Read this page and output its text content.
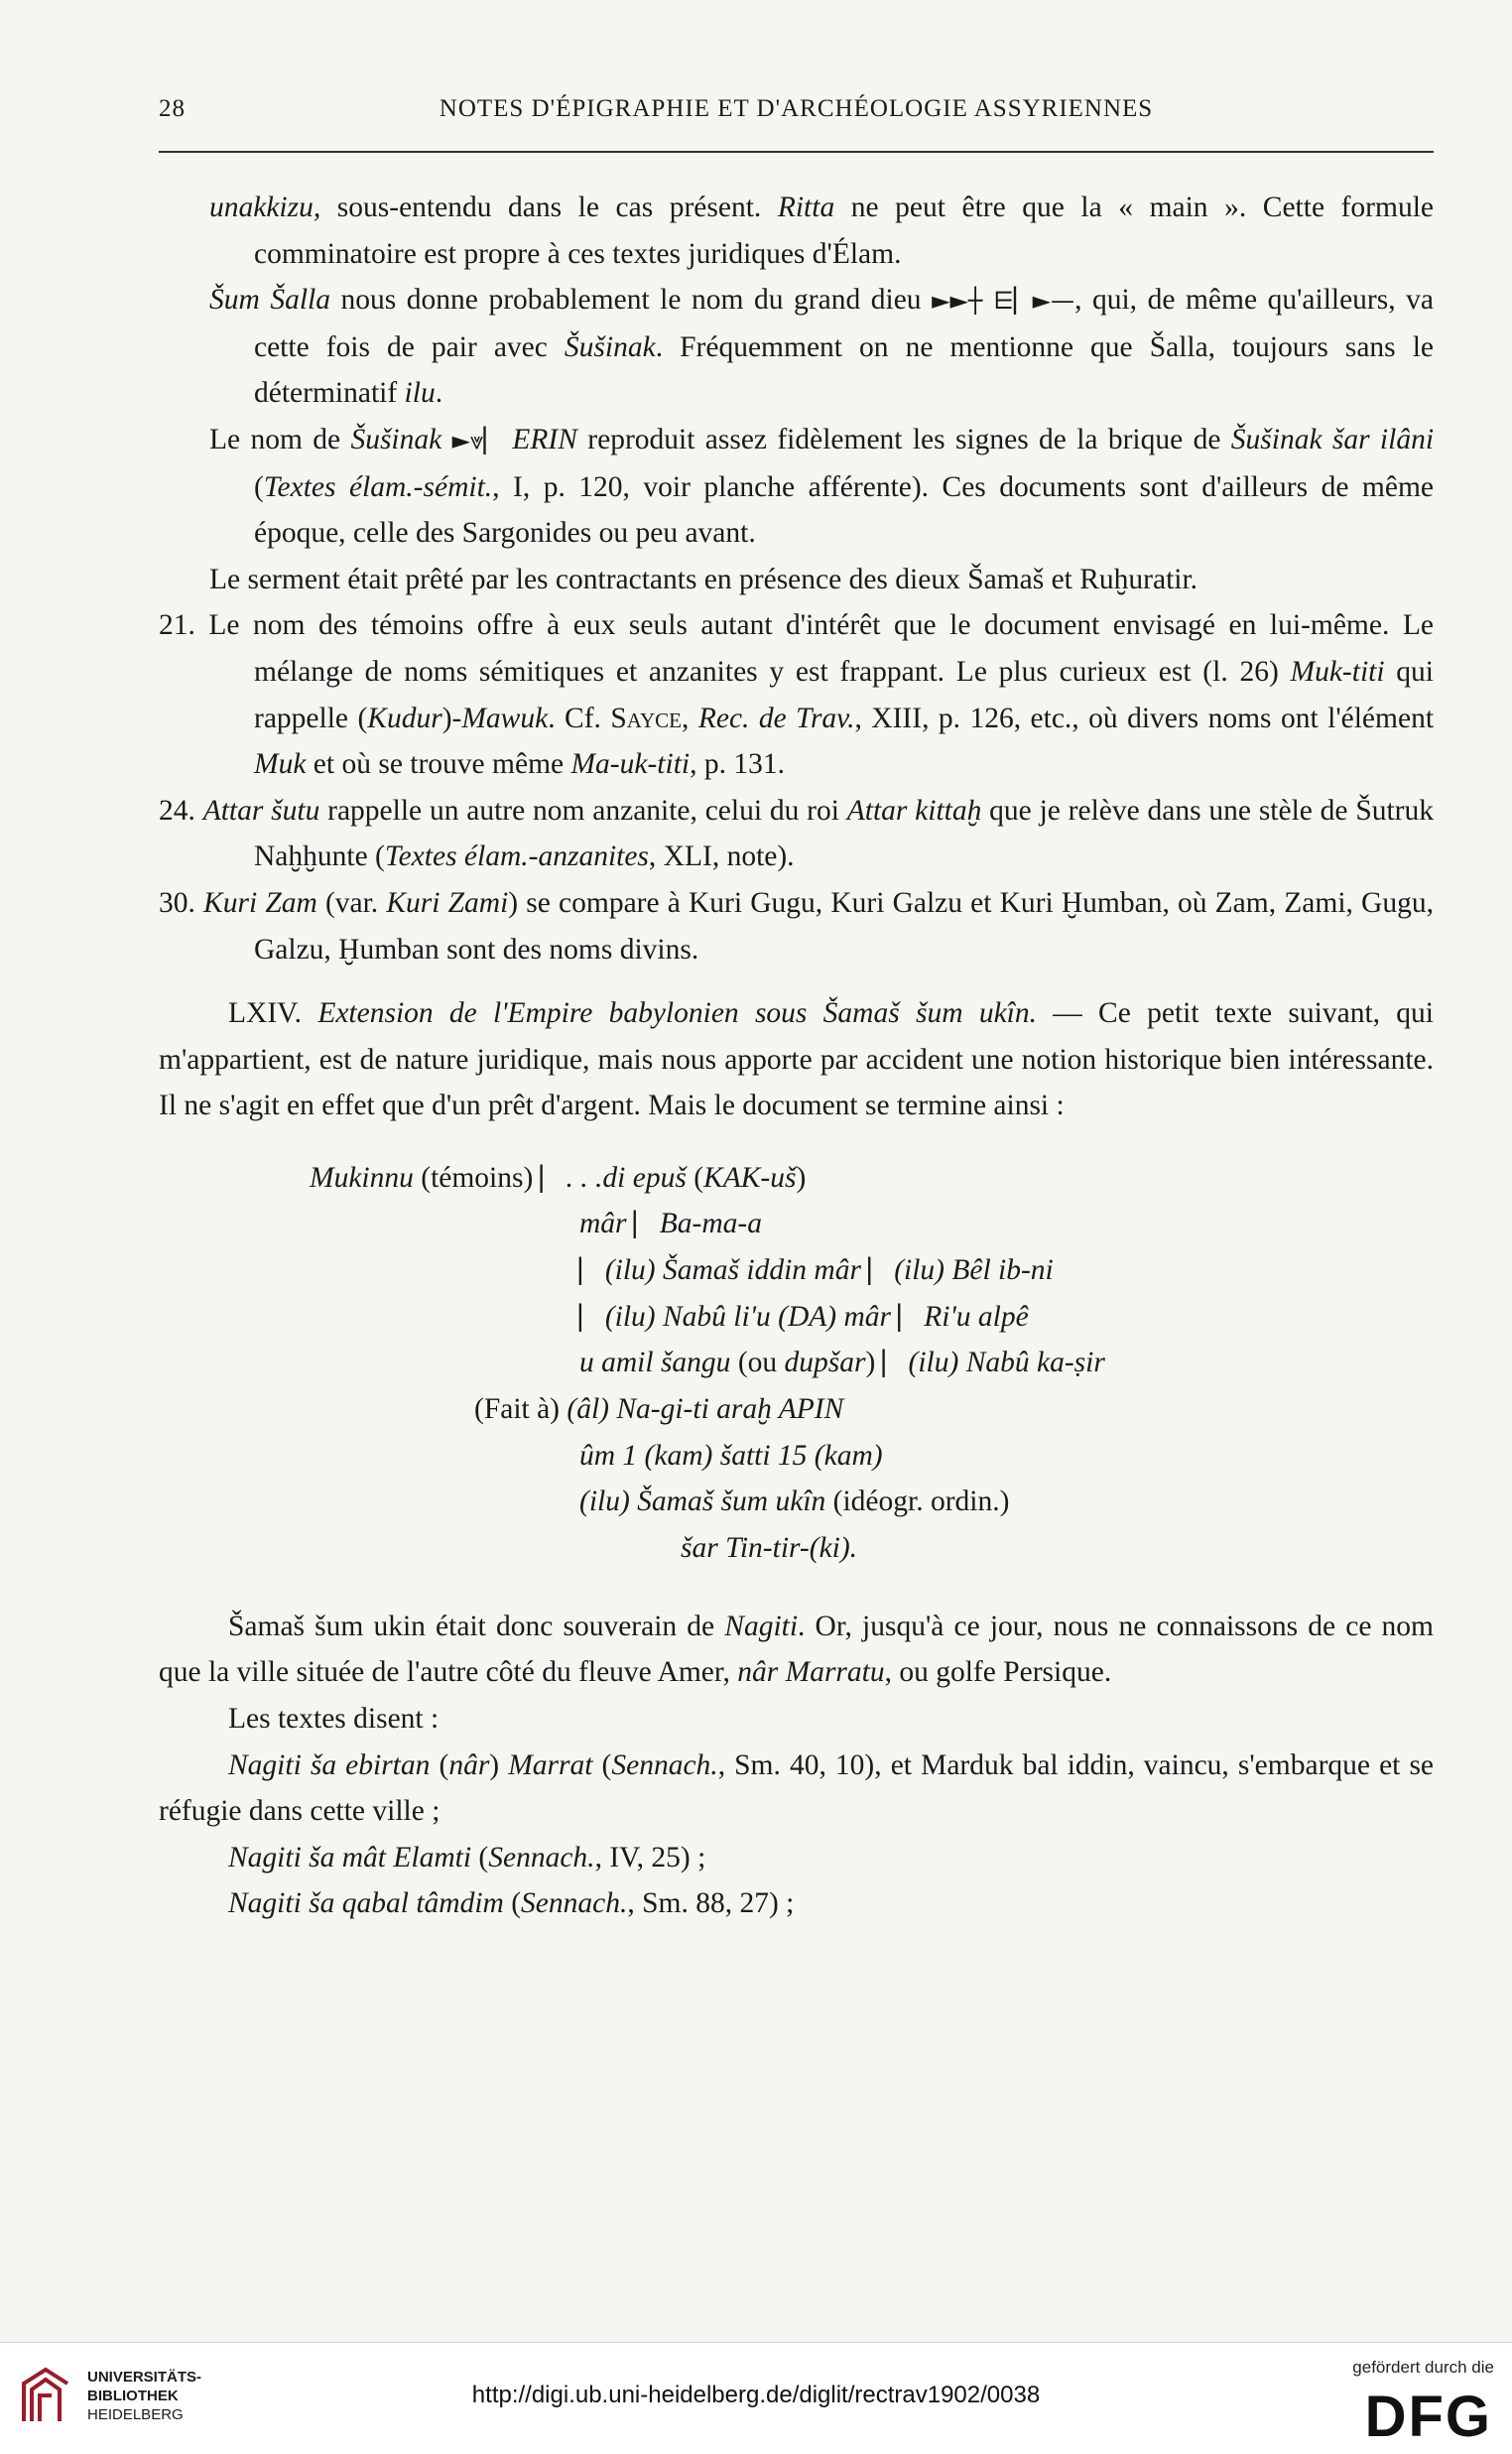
28	NOTES D'ÉPIGRAPHIE ET D'ARCHÉOLOGIE ASSYRIENNES

unakkizu, sous-entendu dans le cas présent. Ritta ne peut être que la « main ». Cette formule comminatoire est propre à ces textes juridiques d'Élam.

Šum Šalla nous donne probablement le nom du grand dieu ►►┼ ⋿▏►—, qui, de même qu'ailleurs, va cette fois de pair avec Šušinak. Fréquemment on ne mentionne que Šalla, toujours sans le déterminatif ilu.

Le nom de Šušinak ►⩔▏ ERIN reproduit assez fidèlement les signes de la brique de Šušinak šar ilâni (Textes élam.-sémit., I, p. 120, voir planche afférente). Ces documents sont d'ailleurs de même époque, celle des Sargonides ou peu avant.

Le serment était prêté par les contractants en présence des dieux Šamaš et Ruḫuratir.

21. Le nom des témoins offre à eux seuls autant d'intérêt que le document envisagé en lui-même. Le mélange de noms sémitiques et anzanites y est frappant. Le plus curieux est (l. 26) Muk-titi qui rappelle (Kudur)-Mawuk. Cf. Sayce, Rec. de Trav., XIII, p. 126, etc., où divers noms ont l'élément Muk et où se trouve même Ma-uk-titi, p. 131.

24. Attar šutu rappelle un autre nom anzanite, celui du roi Attar kittaḫ que je relève dans une stèle de Šutruk Naḫḫunte (Textes élam.-anzanites, XLI, note).

30. Kuri Zam (var. Kuri Zami) se compare à Kuri Gugu, Kuri Galzu et Kuri Ḫumban, où Zam, Zami, Gugu, Galzu, Ḫumban sont des noms divins.

LXIV. Extension de l'Empire babylonien sous Šamaš šum ukîn. — Ce petit texte suivant, qui m'appartient, est de nature juridique, mais nous apporte par accident une notion historique bien intéressante. Il ne s'agit en effet que d'un prêt d'argent. Mais le document se termine ainsi :

Mukinnu (témoins) ▏ . . .di epuš (KAK-uš)
mâr ▏ Ba-ma-a
▏ (ilu) Šamaš iddin mâr ▏ (ilu) Bêl ib-ni
▏ (ilu) Nabû li'u (DA) mâr ▏ Ri'u alpê
u amil šangu (ou dupšar) ▏ (ilu) Nabû ka-ṣir
(Fait à) (âl) Na-gi-ti araḫ APIN
ûm 1 (kam) šatti 15 (kam)
(ilu) Šamaš šum ukîn (idéogr. ordin.)
šar Tin-tir-(ki).

Šamaš šum ukin était donc souverain de Nagiti. Or, jusqu'à ce jour, nous ne connaissons de ce nom que la ville située de l'autre côté du fleuve Amer, nâr Marratu, ou golfe Persique.

Les textes disent :

Nagiti ša ebirtan (nâr) Marrat (Sennach., Sm. 40, 10), et Marduk bal iddin, vaincu, s'embarque et se réfugie dans cette ville ;

Nagiti ša mât Elamti (Sennach., IV, 25) ;

Nagiti ša qabal tâmdim (Sennach., Sm. 88, 27) ;

UNIVERSITÄTS-
BIBLIOTHEK
HEIDELBERG
http://digi.ub.uni-heidelberg.de/diglit/rectrav1902/0038
gefördert durch die
DFG
